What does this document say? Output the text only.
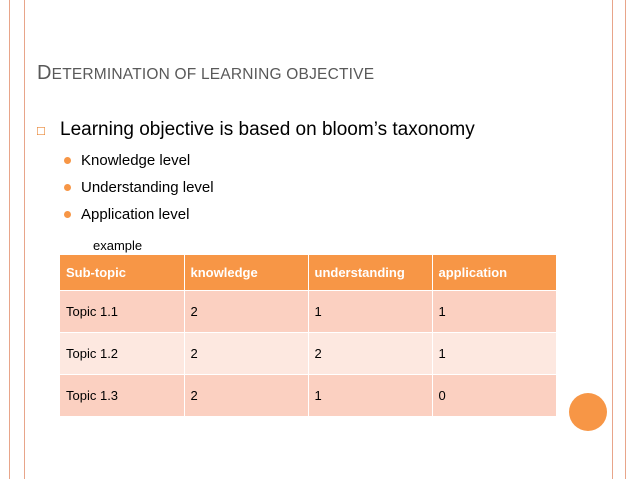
DETERMINATION OF LEARNING OBJECTIVE
□ Learning objective is based on bloom’s taxonomy
Knowledge level
Understanding level
Application level
example
Sub-topic	knowledge	understanding	application
Topic 1.1	2	1	1
Topic 1.2	2	2	1
Topic 1.3	2	1	0
